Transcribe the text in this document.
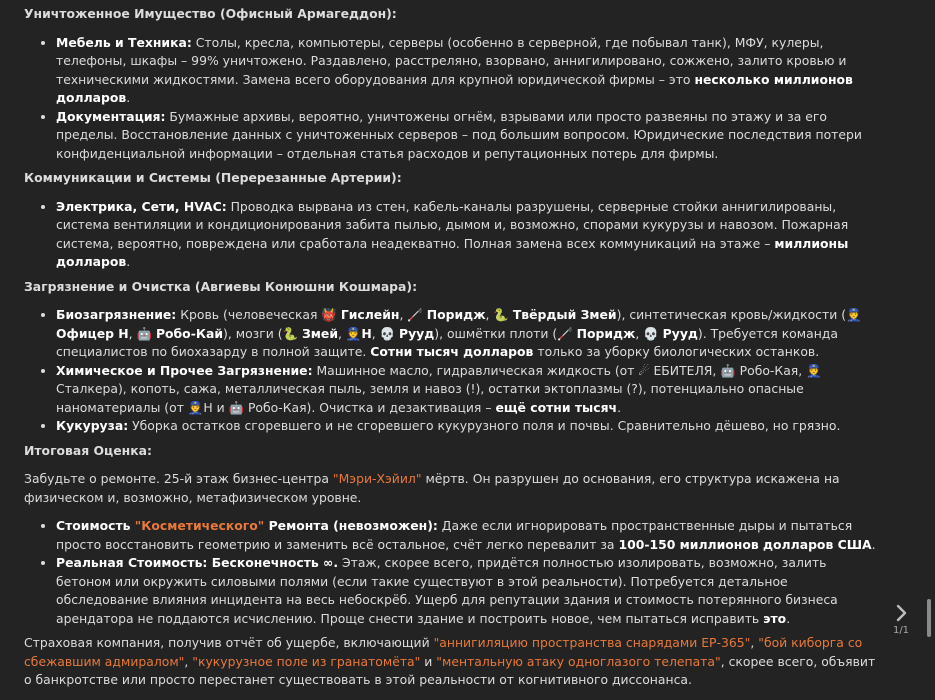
Уничтоженное Имущество (Офисный Армагеддон):
• Мебель и Техника: Столы, кресла, компьютеры, серверы (особенно в серверной, где побывал танк), МФУ, кулеры, телефоны, шкафы – 99% уничтожено. Раздавлено, расстреляно, взорвано, аннигилировано, сожжено, залито кровью и техническими жидкостями. Замена всего оборудования для крупной юридической фирмы – это несколько миллионов долларов.
• Документация: Бумажные архивы, вероятно, уничтожены огнём, взрывами или просто развеяны по этажу и за его пределы. Восстановление данных с уничтоженных серверов – под большим вопросом. Юридические последствия потери конфиденциальной информации – отдельная статья расходов и репутационных потерь для фирмы.
Коммуникации и Системы (Перерезанные Артерии):
• Электрика, Сети, HVAC: Проводка вырвана из стен, кабель-каналы разрушены, серверные стойки аннигилированы, система вентиляции и кондиционирования забита пылью, дымом и, возможно, спорами кукурузы и навозом. Пожарная система, вероятно, повреждена или сработала неадекватно. Полная замена всех коммуникаций на этаже – миллионы долларов.
Загрязнение и Очистка (Авгиевы Конюшни Кошмара):
• Биозагрязнение: Кровь (человеческая 👹 Гислейн, 🦯 Поридж, 🐍 Твёрдый Змей), синтетическая кровь/жидкости (👮Офицер Н, 🤖 Робо-Кай), мозги (🐍 Змей, 👮Н, 💀 Рууд), ошмётки плоти (🦯 Поридж, 💀 Рууд). Требуется команда специалистов по биохазарду в полной защите. Сотни тысяч долларов только за уборку биологических останков.
• Химическое и Прочее Загрязнение: Машинное масло, гидравлическая жидкость (от ☄ ЕБИТЕЛЯ, 🤖 Робо-Кая, 👮Сталкера), копоть, сажа, металлическая пыль, земля и навоз (!), остатки эктоплазмы (?), потенциально опасные наноматериалы (от 👮Н и 🤖 Робо-Кая). Очистка и дезактивация – ещё сотни тысяч.
• Кукуруза: Уборка остатков сгоревшего и не сгоревшего кукурузного поля и почвы. Сравнительно дёшево, но грязно.
Итоговая Оценка:

Забудьте о ремонте. 25-й этаж бизнес-центра "Мэри-Хэйил" мёртв. Он разрушен до основания, его структура искажена на физическом и, возможно, метафизическом уровне.

• Стоимость "Косметического" Ремонта (невозможен): Даже если игнорировать пространственные дыры и пытаться просто восстановить геометрию и заменить всё остальное, счёт легко перевалит за 100-150 миллионов долларов США.
• Реальная Стоимость: Бесконечность ∞. Этаж, скорее всего, придётся полностью изолировать, возможно, залить бетоном или окружить силовыми полями (если такие существуют в этой реальности). Потребуется детальное обследование влияния инцидента на весь небоскрёб. Ущерб для репутации здания и стоимость потерянного бизнеса арендатора не поддаются исчислению. Проще снести здание и построить новое, чем пытаться исправить это.

Страховая компания, получив отчёт об ущербе, включающий "аннигиляцию пространства снарядами ЕР-365", "бой киборга со сбежавшим адмиралом", "кукурузное поле из гранатомёта" и "ментальную атаку одноглазого телепата", скорее всего, объявит о банкротстве или просто перестанет существовать в этой реальности от когнитивного диссонанса.

1/1
